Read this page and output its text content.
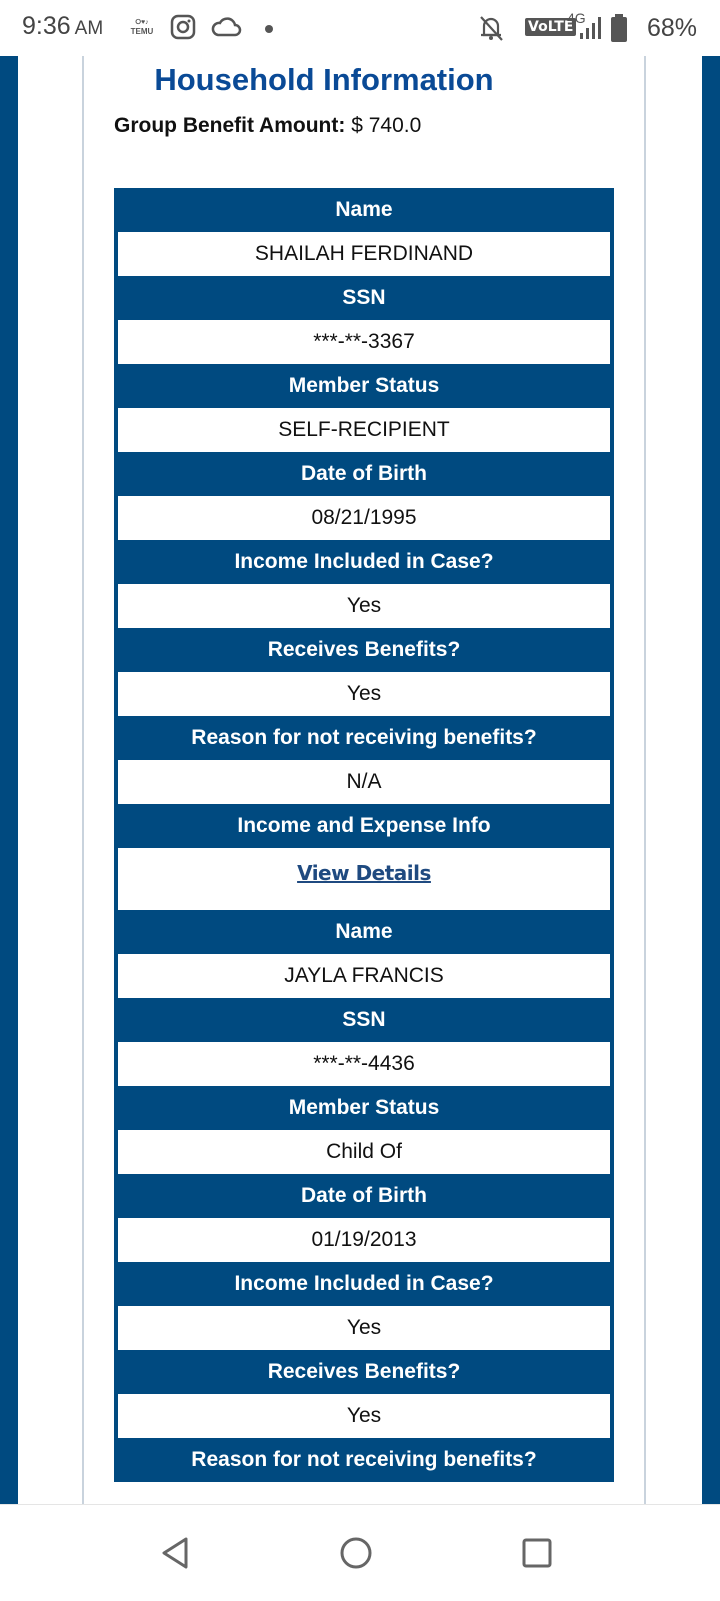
9:36 AM	⭘♥♪
TEMU	VoLTE
4G 68%
Household Information
Group Benefit Amount: $ 740.0
Name
SHAILAH FERDINAND
SSN
***-**-3367
Member Status
SELF-RECIPIENT
Date of Birth
08/21/1995
Income Included in Case?
Yes
Receives Benefits?
Yes
Reason for not receiving benefits?
N/A
Income and Expense Info
View Details
Name
JAYLA FRANCIS
SSN
***-**-4436
Member Status
Child Of
Date of Birth
01/19/2013
Income Included in Case?
Yes
Receives Benefits?
Yes
Reason for not receiving benefits?
